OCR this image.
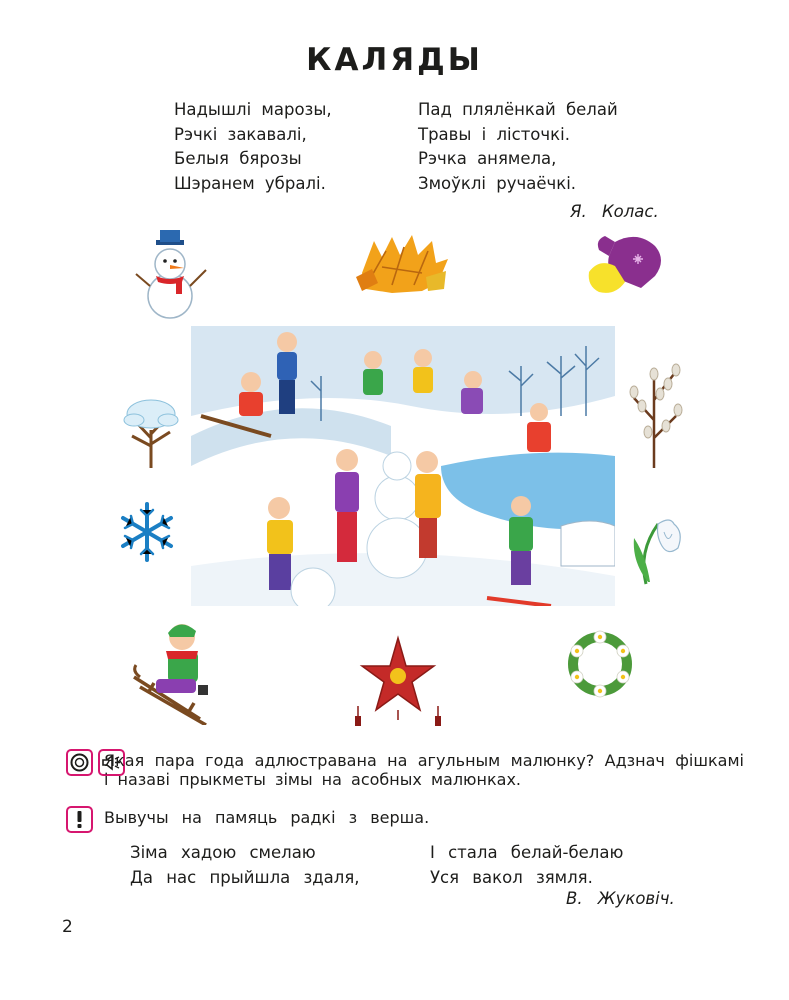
КАЛЯДЫ
Надышлі марозы,
Рэчкі закавалі,
Белыя бярозы
Шэранем убралі.
Пад плялёнкай белай
Травы і лісточкі.
Рэчка анямела,
Змоўклі ручаёчкі.
Я. Колас.
Якая пара года адлюстравана на агульным малюнку? Адзнач фішкамі і назаві прыкметы зімы на асобных малюнках.
Вывучы на памяць радкі з верша.
Зіма хадою смелаю
Да нас прыйшла здаля,
І стала белай-белаю
Уся вакол зямля.
В. Жуковіч.
2
